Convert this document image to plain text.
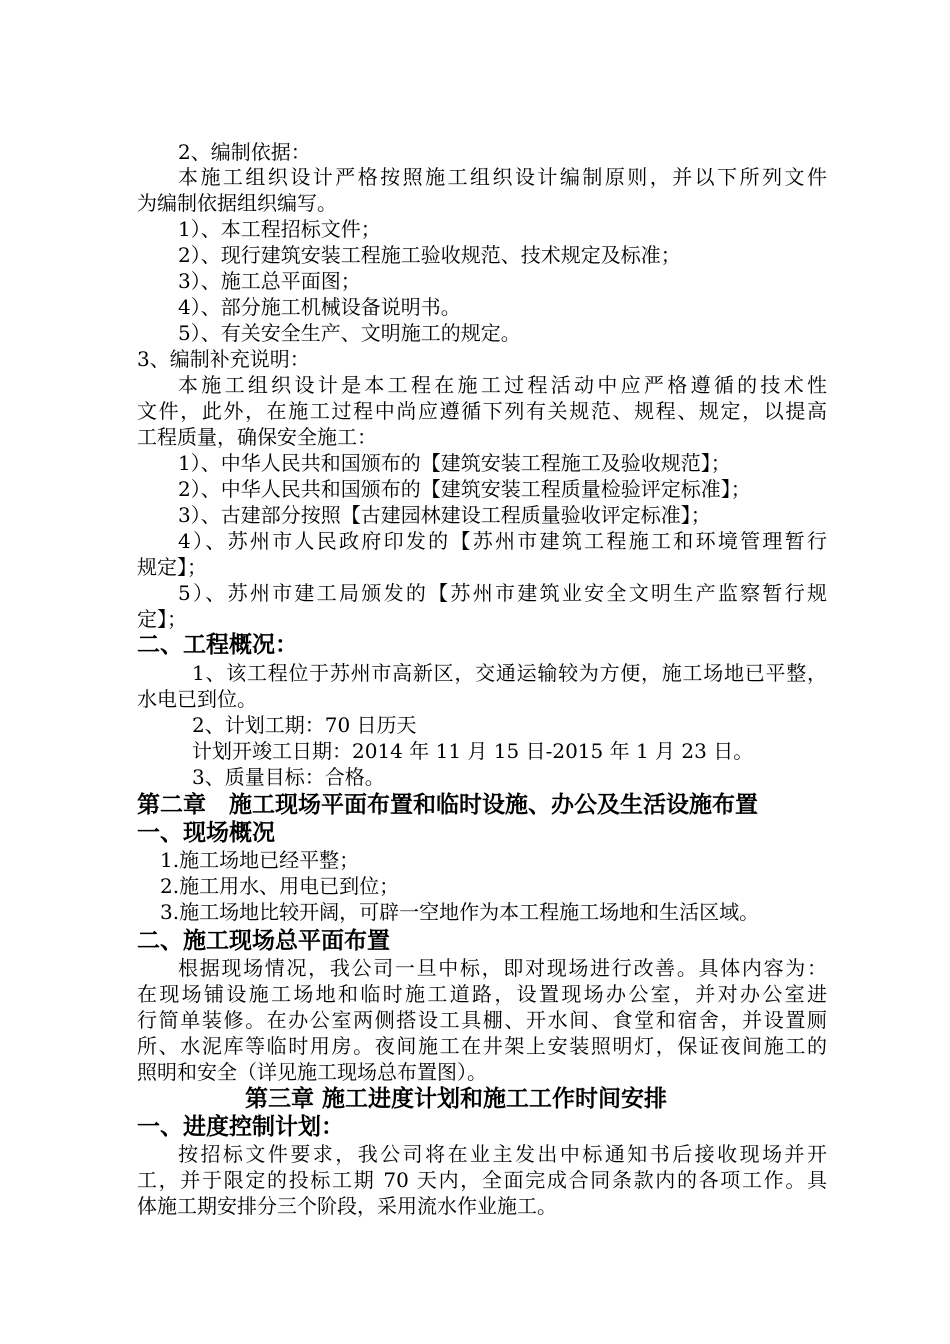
2、编制依据：
本施工组织设计严格按照施工组织设计编制原则，并以下所列文件
为编制依据组织编写。
1）、本工程招标文件；
2）、现行建筑安装工程施工验收规范、技术规定及标准；
3）、施工总平面图；
4）、部分施工机械设备说明书。
5）、有关安全生产、文明施工的规定。
3、编制补充说明：
本施工组织设计是本工程在施工过程活动中应严格遵循的技术性
文件，此外，在施工过程中尚应遵循下列有关规范、规程、规定，以提高
工程质量，确保安全施工：
1）、中华人民共和国颁布的【建筑安装工程施工及验收规范】；
2）、中华人民共和国颁布的【建筑安装工程质量检验评定标准】；
3）、古建部分按照【古建园林建设工程质量验收评定标准】；
4）、苏州市人民政府印发的【苏州市建筑工程施工和环境管理暂行
规定】；
5）、苏州市建工局颁发的【苏州市建筑业安全文明生产监察暂行规
定】；
二、工程概况：
1、该工程位于苏州市高新区，交通运输较为方便，施工场地已平整，
水电已到位。
2、计划工期：70 日历天
计划开竣工日期：2014 年 11 月 15 日-2015 年 1 月 23 日。
3、质量目标：合格。
第二章　施工现场平面布置和临时设施、办公及生活设施布置
一、现场概况
1.施工场地已经平整；
2.施工用水、用电已到位；
3.施工场地比较开阔，可辟一空地作为本工程施工场地和生活区域。
二、施工现场总平面布置
根据现场情况，我公司一旦中标，即对现场进行改善。具体内容为：
在现场铺设施工场地和临时施工道路，设置现场办公室，并对办公室进
行简单装修。在办公室两侧搭设工具棚、开水间、食堂和宿舍，并设置厕
所、水泥库等临时用房。夜间施工在井架上安装照明灯，保证夜间施工的
照明和安全（详见施工现场总布置图）。
第三章 施工进度计划和施工工作时间安排
一、进度控制计划：
按招标文件要求，我公司将在业主发出中标通知书后接收现场并开
工，并于限定的投标工期 70 天内，全面完成合同条款内的各项工作。具
体施工期安排分三个阶段，采用流水作业施工。
